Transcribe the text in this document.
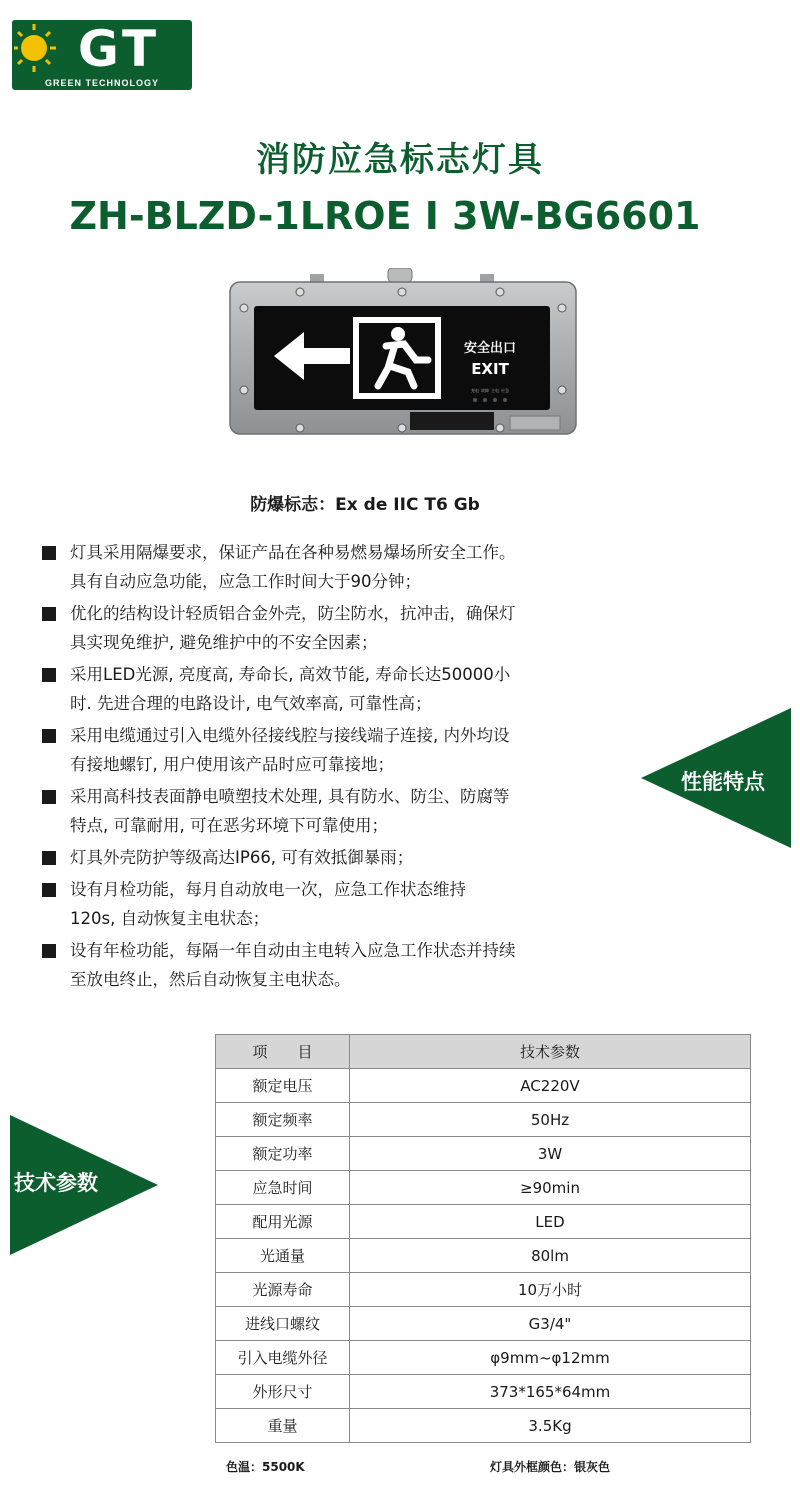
GT
GREEN TECHNOLOGY
消防应急标志灯具
ZH-BLZD-1LROE I 3W-BG6601
安全出口
EXIT
充电 故障 主电 应急
防爆标志：Ex de IIC T6 Gb
灯具采用隔爆要求，保证产品在各种易燃易爆场所安全工作。
具有自动应急功能，应急工作时间大于90分钟；
优化的结构设计轻质铝合金外壳，防尘防水，抗冲击，确保灯
具实现免维护, 避免维护中的不安全因素；
采用LED光源, 亮度高, 寿命长, 高效节能, 寿命长达50000小
时. 先进合理的电路设计, 电气效率高, 可靠性高；
采用电缆通过引入电缆外径接线腔与接线端子连接, 内外均设
有接地螺钉, 用户使用该产品时应可靠接地；
采用高科技表面静电喷塑技术处理, 具有防水、防尘、防腐等
特点, 可靠耐用, 可在恶劣环境下可靠使用；
灯具外壳防护等级高达IP66, 可有效抵御暴雨；
设有月检功能，每月自动放电一次，应急工作状态维持
120s, 自动恢复主电状态；
设有年检功能，每隔一年自动由主电转入应急工作状态并持续
至放电终止，然后自动恢复主电状态。
性能特点
技术参数
项　　目	技术参数
额定电压	AC220V
额定频率	50Hz
额定功率	3W
应急时间	≥90min
配用光源	LED
光通量	80lm
光源寿命	10万小时
进线口螺纹	G3/4"
引入电缆外径	φ9mm~φ12mm
外形尺寸	373*165*64mm
重量	3.5Kg
色温：5500K	灯具外框颜色：银灰色
